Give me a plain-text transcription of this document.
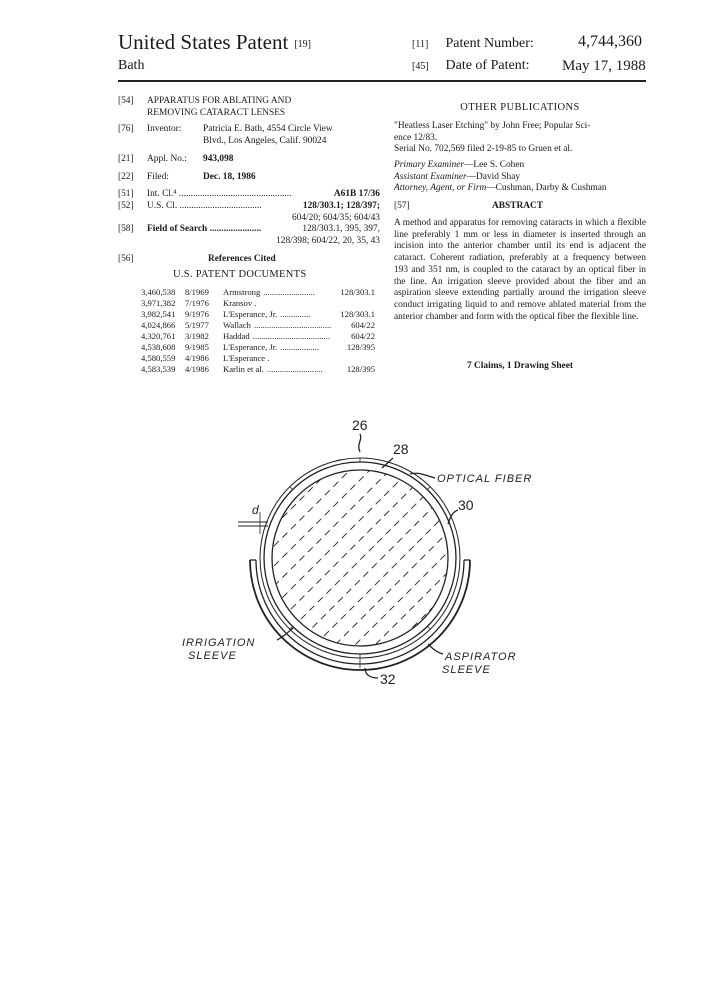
United States Patent [19]
Bath
[11] Patent Number:	4,744,360
[45] Date of Patent: May 17, 1988
[54]	APPARATUS FOR ABLATING AND
REMOVING CATARACT LENSES
[76]	Inventor: Patricia E. Bath, 4554 Circle View
Blvd., Los Angeles, Calif. 90024
[21]	Appl. No.: 943,098
[22]	Filed:	Dec. 18, 1986
[51]	Int. Cl.⁴ ................................................	A61B 17/36
[52]	U.S. Cl. ...................................	128/303.1; 128/397;
604/20; 604/35; 604/43
[58]	Field of Search ......................	128/303.1, 395, 397,
128/398; 604/22, 20, 35, 43
[56]	References Cited
U.S. PATENT DOCUMENTS
3,460,538	8/1969	Armstrong ........................	128/303.1
3,971,382	7/1976	Kransov .	
3,982,541	9/1976	L'Esperance, Jr. ..............	128/303.1
4,024,866	5/1977	Wallach ....................................	604/22
4,320,761	3/1982	Haddad ....................................	604/22
4,538,608	9/1985	L'Esperance, Jr. ..................	128/395
4,580,559	4/1986	L'Esperance .	
4,583,539	4/1986	Karlin et al. ..........................	128/395
OTHER PUBLICATIONS
"Heatless Laser Etching" by John Free; Popular Sci-
ence 12/83.
Serial No. 702,569 filed 2-19-85 to Gruen et al.
Primary Examiner—Lee S. Cohen
Assistant Examiner—David Shay
Attorney, Agent, or Firm—Cushman, Darby & Cushman
[57]	ABSTRACT
A method and apparatus for removing cataracts in which a flexible line preferably 1 mm or less in diameter is inserted through an incision into the anterior chamber until its end is adjacent the cataract. Coherent radiation, preferably at a frequency between 193 and 351 nm, is coupled to the cataract by an optical fiber in the line. An irrigation sleeve provided about the fiber and an aspiration sleeve extending partially around the irrigation sleeve conduct irrigating liquid to and remove ablated material from the anterior chamber and form with the optical fiber the flexible line.
7 Claims, 1 Drawing Sheet
26
28
30
32
d
OPTICAL FIBER
IRRIGATION
SLEEVE	ASPIRATOR
SLEEVE
